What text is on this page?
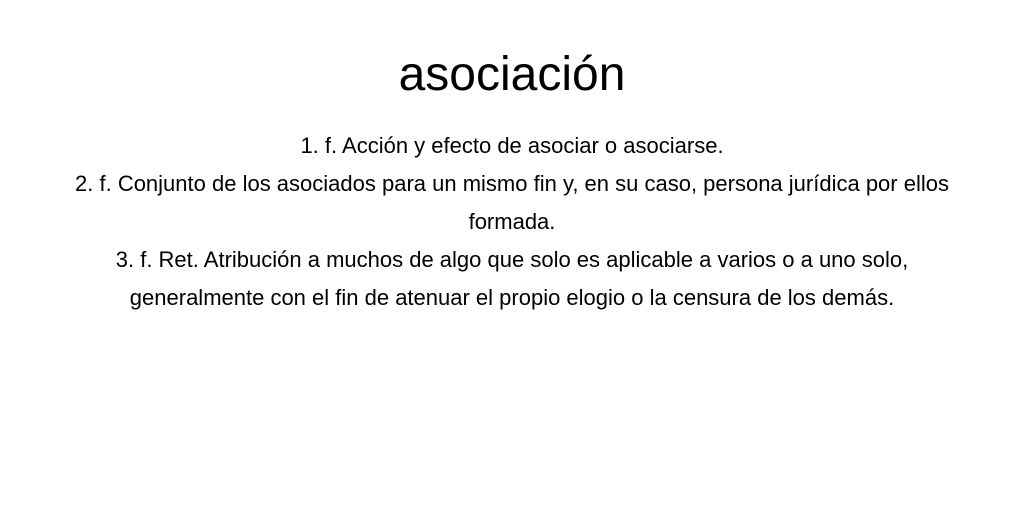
asociación
1. f. Acción y efecto de asociar o asociarse.
2. f. Conjunto de los asociados para un mismo fin y, en su caso, persona jurídica por ellos formada.
3. f. Ret. Atribución a muchos de algo que solo es aplicable a varios o a uno solo, generalmente con el fin de atenuar el propio elogio o la censura de los demás.
